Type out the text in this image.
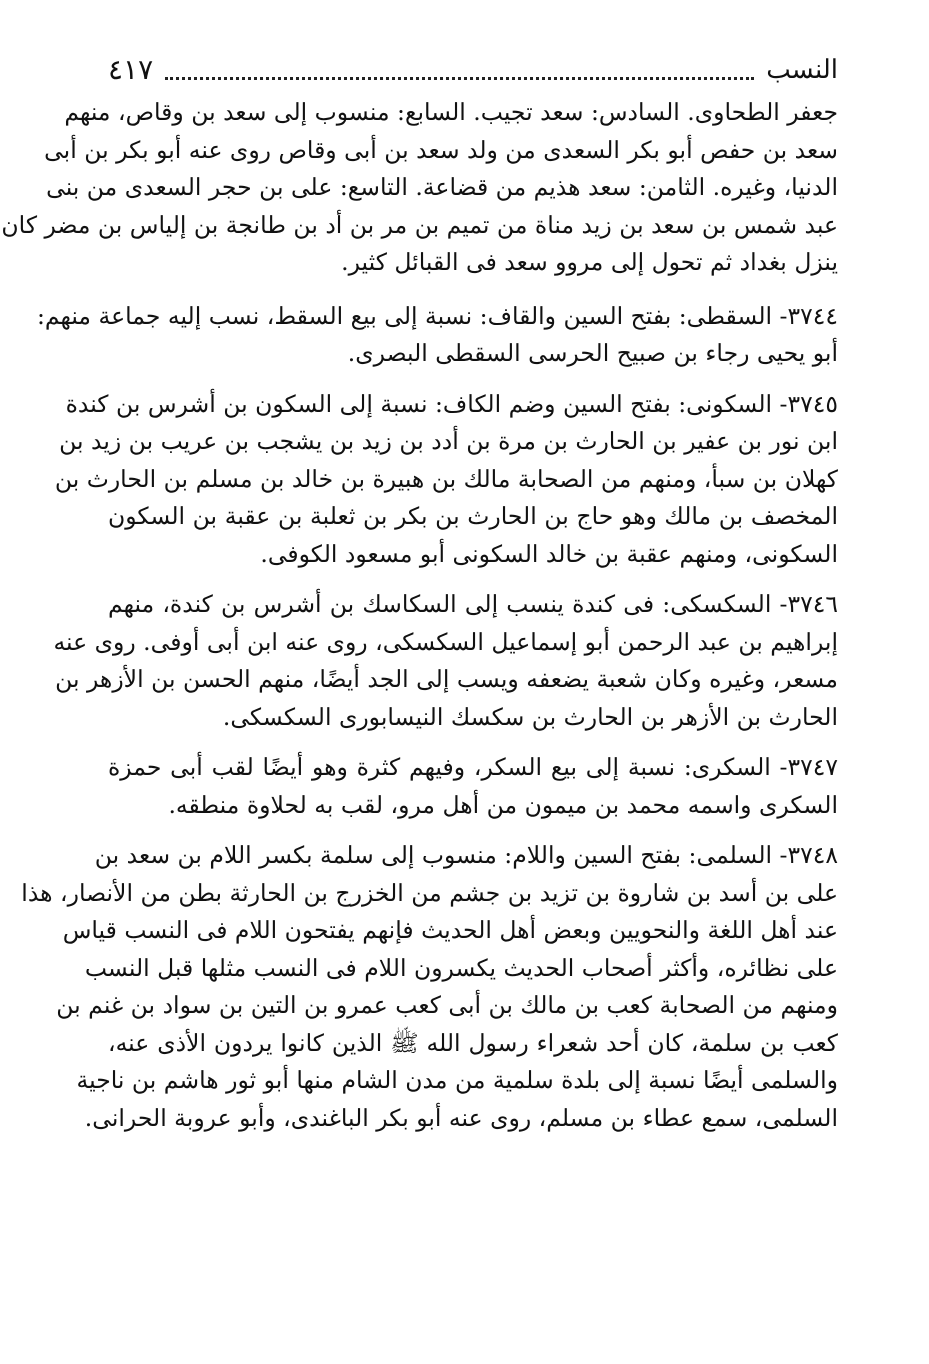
النسب
٤١٧
جعفر الطحاوى. السادس: سعد تجيب. السابع: منسوب إلى سعد بن وقاص، منهم
سعد بن حفص أبو بكر السعدى من ولد سعد بن أبى وقاص روى عنه أبو بكر بن أبى
الدنيا، وغيره. الثامن: سعد هذيم من قضاعة. التاسع: على بن حجر السعدى من بنى
عبد شمس بن سعد بن زيد مناة من تميم بن مر بن أد بن طانجة بن إلياس بن مضر كان
ينزل بغداد ثم تحول إلى مروو سعد فى القبائل كثير.
٣٧٤٤- السقطى: بفتح السين والقاف: نسبة إلى بيع السقط، نسب إليه جماعة منهم:
أبو يحيى رجاء بن صبيح الحرسى السقطى البصرى.
٣٧٤٥- السكونى: بفتح السين وضم الكاف: نسبة إلى السكون بن أشرس بن كندة
ابن نور بن عفير بن الحارث بن مرة بن أدد بن زيد بن يشجب بن عريب بن زيد بن
كهلان بن سبأ، ومنهم من الصحابة مالك بن هبيرة بن خالد بن مسلم بن الحارث بن
المخصف بن مالك وهو حاج بن الحارث بن بكر بن ثعلبة بن عقبة بن السكون
السكونى، ومنهم عقبة بن خالد السكونى أبو مسعود الكوفى.
٣٧٤٦- السكسكى: فى كندة ينسب إلى السكاسك بن أشرس بن كندة، منهم
إبراهيم بن عبد الرحمن أبو إسماعيل السكسكى، روى عنه ابن أبى أوفى. روى عنه
مسعر، وغيره وكان شعبة يضعفه ويسب إلى الجد أيضًا، منهم الحسن بن الأزهر بن
الحارث بن الأزهر بن الحارث بن سكسك النيسابورى السكسكى.
٣٧٤٧- السكرى: نسبة إلى بيع السكر، وفيهم كثرة وهو أيضًا لقب أبى حمزة
السكرى واسمه محمد بن ميمون من أهل مرو، لقب به لحلاوة منطقه.
٣٧٤٨- السلمى: بفتح السين واللام: منسوب إلى سلمة بكسر اللام بن سعد بن
على بن أسد بن شاروة بن تزيد بن جشم من الخزرج بن الحارثة بطن من الأنصار، هذا
عند أهل اللغة والنحويين وبعض أهل الحديث فإنهم يفتحون اللام فى النسب قياس
على نظائره، وأكثر أصحاب الحديث يكسرون اللام فى النسب مثلها قبل النسب
ومنهم من الصحابة كعب بن مالك بن أبى كعب عمرو بن التين بن سواد بن غنم بن
كعب بن سلمة، كان أحد شعراء رسول الله ﷺ الذين كانوا يردون الأذى عنه،
والسلمى أيضًا نسبة إلى بلدة سلمية من مدن الشام منها أبو ثور هاشم بن ناجية
السلمى، سمع عطاء بن مسلم، روى عنه أبو بكر الباغندى، وأبو عروبة الحرانى.
